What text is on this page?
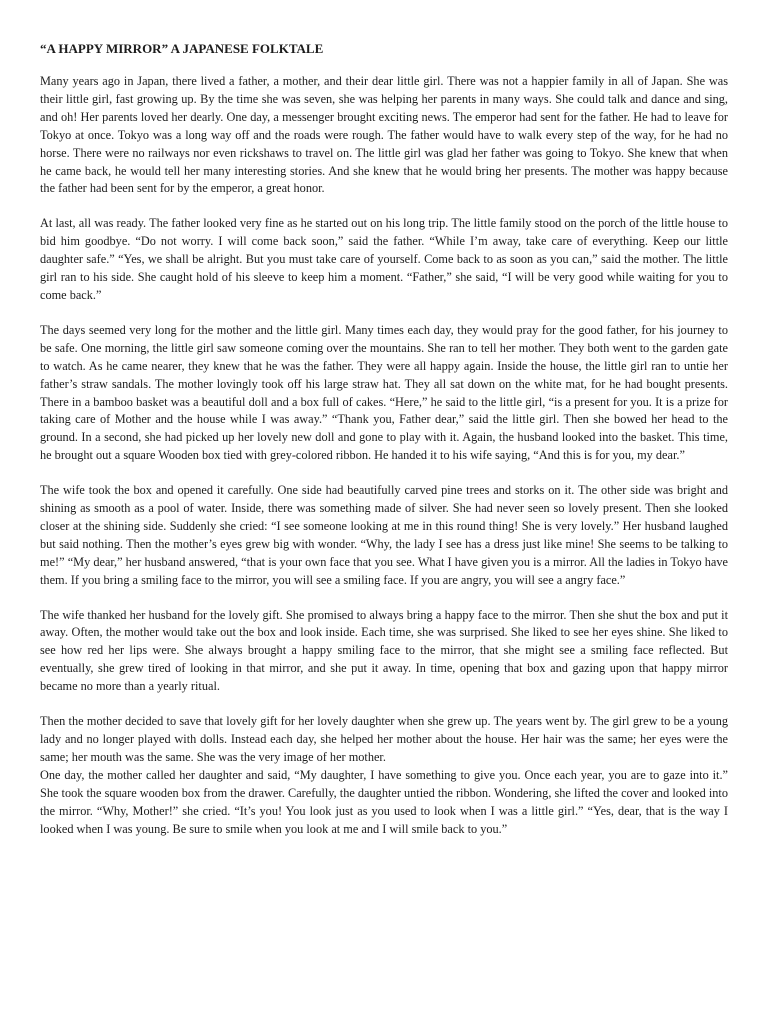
“A HAPPY MIRROR” A JAPANESE FOLKTALE

Many years ago in Japan, there lived a father, a mother, and their dear little girl. There was not a happier family in all of Japan. She was their little girl, fast growing up. By the time she was seven, she was helping her parents in many ways. She could talk and dance and sing, and oh! Her parents loved her dearly. One day, a messenger brought exciting news. The emperor had sent for the father. He had to leave for Tokyo at once. Tokyo was a long way off and the roads were rough. The father would have to walk every step of the way, for he had no horse. There were no railways nor even rickshaws to travel on. The little girl was glad her father was going to Tokyo. She knew that when he came back, he would tell her many interesting stories. And she knew that he would bring her presents. The mother was happy because the father had been sent for by the emperor, a great honor.

At last, all was ready. The father looked very fine as he started out on his long trip. The little family stood on the porch of the little house to bid him goodbye. “Do not worry. I will come back soon,” said the father. “While I’m away, take care of everything. Keep our little daughter safe.” “Yes, we shall be alright. But you must take care of yourself. Come back to as soon as you can,” said the mother. The little girl ran to his side. She caught hold of his sleeve to keep him a moment. “Father,” she said, “I will be very good while waiting for you to come back.”

The days seemed very long for the mother and the little girl. Many times each day, they would pray for the good father, for his journey to be safe. One morning, the little girl saw someone coming over the mountains. She ran to tell her mother. They both went to the garden gate to watch. As he came nearer, they knew that he was the father. They were all happy again. Inside the house, the little girl ran to untie her father’s straw sandals. The mother lovingly took off his large straw hat. They all sat down on the white mat, for he had bought presents. There in a bamboo basket was a beautiful doll and a box full of cakes. “Here,” he said to the little girl, “is a present for you. It is a prize for taking care of Mother and the house while I was away.” “Thank you, Father dear,” said the little girl. Then she bowed her head to the ground. In a second, she had picked up her lovely new doll and gone to play with it. Again, the husband looked into the basket. This time, he brought out a square Wooden box tied with grey-colored ribbon. He handed it to his wife saying, “And this is for you, my dear.”

The wife took the box and opened it carefully. One side had beautifully carved pine trees and storks on it. The other side was bright and shining as smooth as a pool of water. Inside, there was something made of silver. She had never seen so lovely present. Then she looked closer at the shining side. Suddenly she cried: “I see someone looking at me in this round thing! She is very lovely.” Her husband laughed but said nothing. Then the mother’s eyes grew big with wonder. “Why, the lady I see has a dress just like mine! She seems to be talking to me!” “My dear,” her husband answered, “that is your own face that you see. What I have given you is a mirror. All the ladies in Tokyo have them. If you bring a smiling face to the mirror, you will see a smiling face. If you are angry, you will see a angry face.”

The wife thanked her husband for the lovely gift. She promised to always bring a happy face to the mirror. Then she shut the box and put it away. Often, the mother would take out the box and look inside. Each time, she was surprised. She liked to see her eyes shine. She liked to see how red her lips were. She always brought a happy smiling face to the mirror, that she might see a smiling face reflected. But eventually, she grew tired of looking in that mirror, and she put it away. In time, opening that box and gazing upon that happy mirror became no more than a yearly ritual.

Then the mother decided to save that lovely gift for her lovely daughter when she grew up. The years went by. The girl grew to be a young lady and no longer played with dolls. Instead each day, she helped her mother about the house. Her hair was the same; her eyes were the same; her mouth was the same. She was the very image of her mother.

One day, the mother called her daughter and said, “My daughter, I have something to give you. Once each year, you are to gaze into it.” She took the square wooden box from the drawer. Carefully, the daughter untied the ribbon. Wondering, she lifted the cover and looked into the mirror. “Why, Mother!” she cried. “It’s you! You look just as you used to look when I was a little girl.” “Yes, dear, that is the way I looked when I was young. Be sure to smile when you look at me and I will smile back to you.”
